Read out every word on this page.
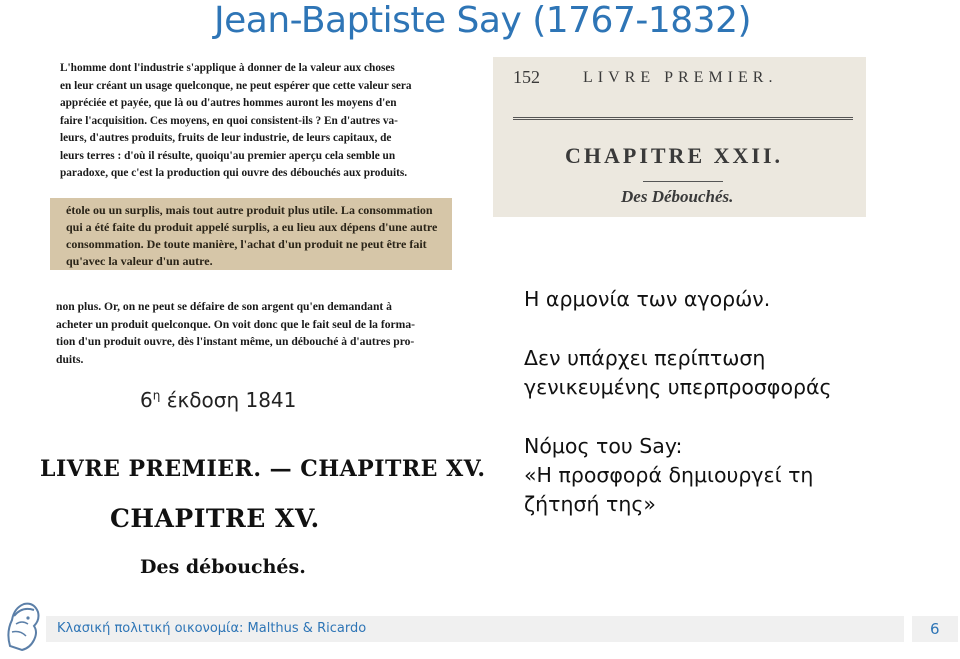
Jean-Baptiste Say (1767-1832)

L'homme dont l'industrie s'applique à donner de la valeur aux choses

en leur créant un usage quelconque, ne peut espérer que cette valeur sera

appréciée et payée, que là ou d'autres hommes auront les moyens d'en

faire l'acquisition. Ces moyens, en quoi consistent-ils ? En d'autres va-

leurs, d'autres produits, fruits de leur industrie, de leurs capitaux, de

leurs terres : d'où il résulte, quoiqu'au premier aperçu cela semble un

paradoxe, que c'est la production qui ouvre des débouchés aux produits.

étole ou un surplis, mais tout autre produit plus utile. La consommation

qui a été faite du produit appelé surplis, a eu lieu aux dépens d'une autre

consommation. De toute manière, l'achat d'un produit ne peut être fait

qu'avec la valeur d'un autre.

non plus. Or, on ne peut se défaire de son argent qu'en demandant à

acheter un produit quelconque. On voit donc que le fait seul de la forma-

tion d'un produit ouvre, dès l'instant même, un débouché à d'autres pro-

duits.

152	LIVRE PREMIER.
CHAPITRE XXII.
Des Débouchés.
$6^\eta$ έκδοση 1841
LIVRE PREMIER. — CHAPITRE XV.
CHAPITRE XV.
Des débouchés.

Η αρμονία των αγορών.

Δεν υπάρχει περίπτωση

γενικευμένης υπερπροσφοράς

Νόμος του Say:

«Η προσφορά δημιουργεί τη

ζήτησή της»

Κλασική πολιτική οικονομία: Malthus & Ricardo	6
